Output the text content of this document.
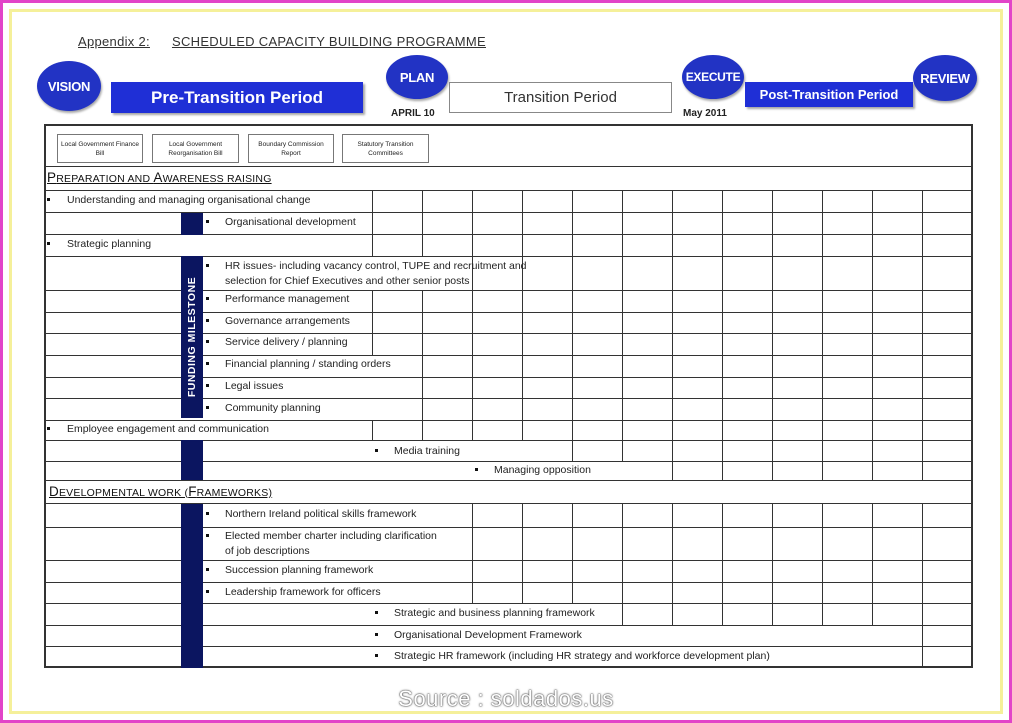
Appendix 2: SCHEDULED CAPACITY BUILDING PROGRAMME
VISION
Pre-Transition Period
PLAN
APRIL 10
Transition Period
EXECUTE
May 2011
Post-Transition Period
REVIEW
Local Government Finance Bill
Local Government Reorganisation Bill
Boundary Commission Report
Statutory Transition Committees
FUNDING MILESTONE
PREPARATION AND AWARENESS RAISING
DEVELOPMENTAL WORK (FRAMEWORKS)
Understanding and managing organisational change
Organisational development
Strategic planning
HR issues- including vacancy control, TUPE and recruitment and
selection for Chief Executives and other senior posts
Performance management
Governance arrangements
Service delivery / planning
Financial planning / standing orders
Legal issues
Community planning
Employee engagement and communication
Media training
Managing opposition
Northern Ireland political skills framework
Elected member charter including clarification
of job descriptions
Succession planning framework
Leadership framework for officers
Strategic and business planning framework
Organisational Development Framework
Strategic HR framework (including HR strategy and workforce development plan)
Source : soldados.us
